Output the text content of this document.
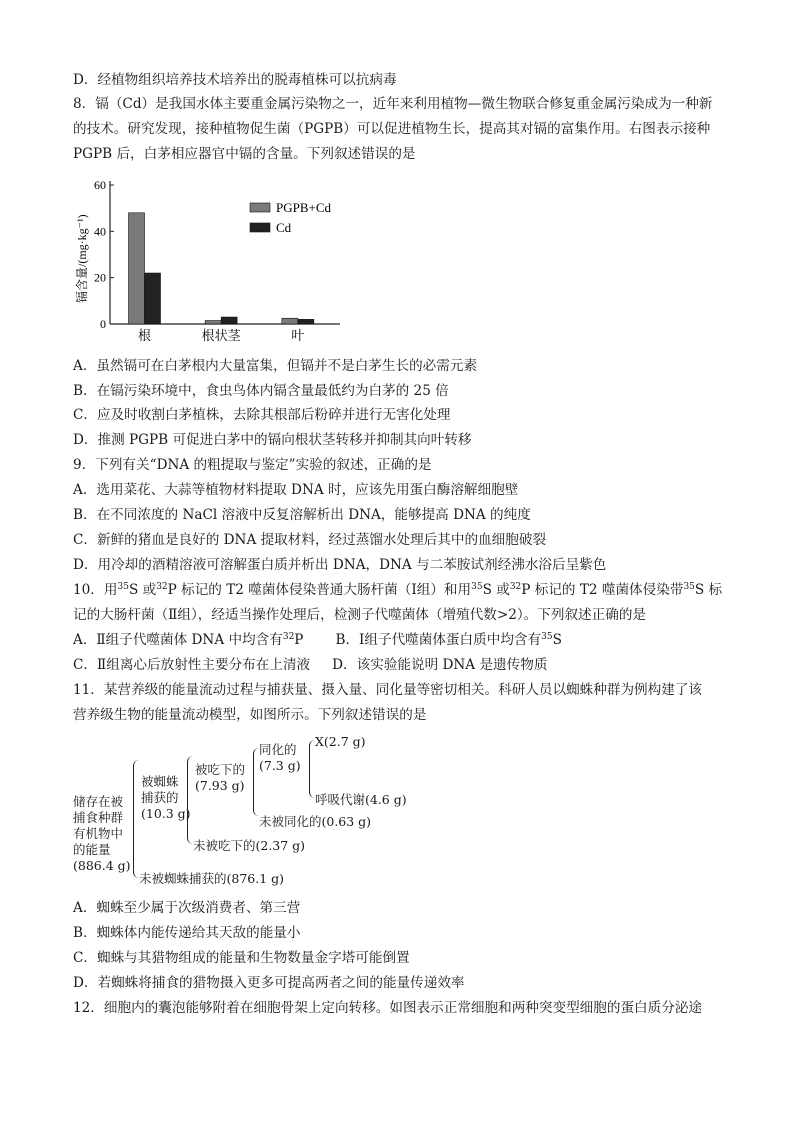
D．经植物组织培养技术培养出的脱毒植株可以抗病毒
8．镉（Cd）是我国水体主要重金属污染物之一，近年来利用植物—微生物联合修复重金属污染成为一种新
的技术。研究发现，接种植物促生菌（PGPB）可以促进植物生长，提高其对镉的富集作用。右图表示接种
PGPB 后，白茅相应器官中镉的含量。下列叙述错误的是
镉含量/(mg·kg⁻¹)
0
20
40
60
根	根状茎	叶
PGPB+Cd
Cd
A．虽然镉可在白茅根内大量富集，但镉并不是白茅生长的必需元素
B．在镉污染环境中，食虫鸟体内镉含量最低约为白茅的 25 倍
C．应及时收割白茅植株，去除其根部后粉碎并进行无害化处理
D．推测 PGPB 可促进白茅中的镉向根状茎转移并抑制其向叶转移
9．下列有关“DNA 的粗提取与鉴定”实验的叙述，正确的是
A．选用菜花、大蒜等植物材料提取 DNA 时，应该先用蛋白酶溶解细胞壁
B．在不同浓度的 NaCl 溶液中反复溶解析出 DNA，能够提高 DNA 的纯度
C．新鲜的猪血是良好的 DNA 提取材料，经过蒸馏水处理后其中的血细胞破裂
D．用冷却的酒精溶液可溶解蛋白质并析出 DNA，DNA 与二苯胺试剂经沸水浴后呈紫色
10．用$^{35}$S 或$^{32}$P 标记的 T2 噬菌体侵染普通大肠杆菌（Ⅰ组）和用$^{35}$S 或$^{32}$P 标记的 T2 噬菌体侵染带$^{35}$S 标
记的大肠杆菌（Ⅱ组），经适当操作处理后，检测子代噬菌体（增殖代数>2）。下列叙述正确的是
A．Ⅱ组子代噬菌体 DNA 中均含有$^{32}$P B．Ⅰ组子代噬菌体蛋白质中均含有$^{35}$S
C．Ⅱ组离心后放射性主要分布在上清液 D．该实验能说明 DNA 是遗传物质
11．某营养级的能量流动过程与捕获量、摄入量、同化量等密切相关。科研人员以蜘蛛种群为例构建了该
营养级生物的能量流动模型，如图所示。下列叙述错误的是
储存在被
捕食种群
有机物中
的能量
(886.4 g)
被蜘蛛
捕获的
(10.3 g)
被吃下的
(7.93 g)
同化的
(7.3 g)
X(2.7 g)
呼吸代谢(4.6 g)
未被同化的(0.63 g)
未被吃下的(2.37 g)
未被蜘蛛捕获的(876.1 g)
A．蜘蛛至少属于次级消费者、第三营
B．蜘蛛体内能传递给其天敌的能量小
C．蜘蛛与其猎物组成的能量和生物数量金字塔可能倒置
D．若蜘蛛将捕食的猎物摄入更多可提高两者之间的能量传递效率
12．细胞内的囊泡能够附着在细胞骨架上定向转移。如图表示正常细胞和两种突变型细胞的蛋白质分泌途
